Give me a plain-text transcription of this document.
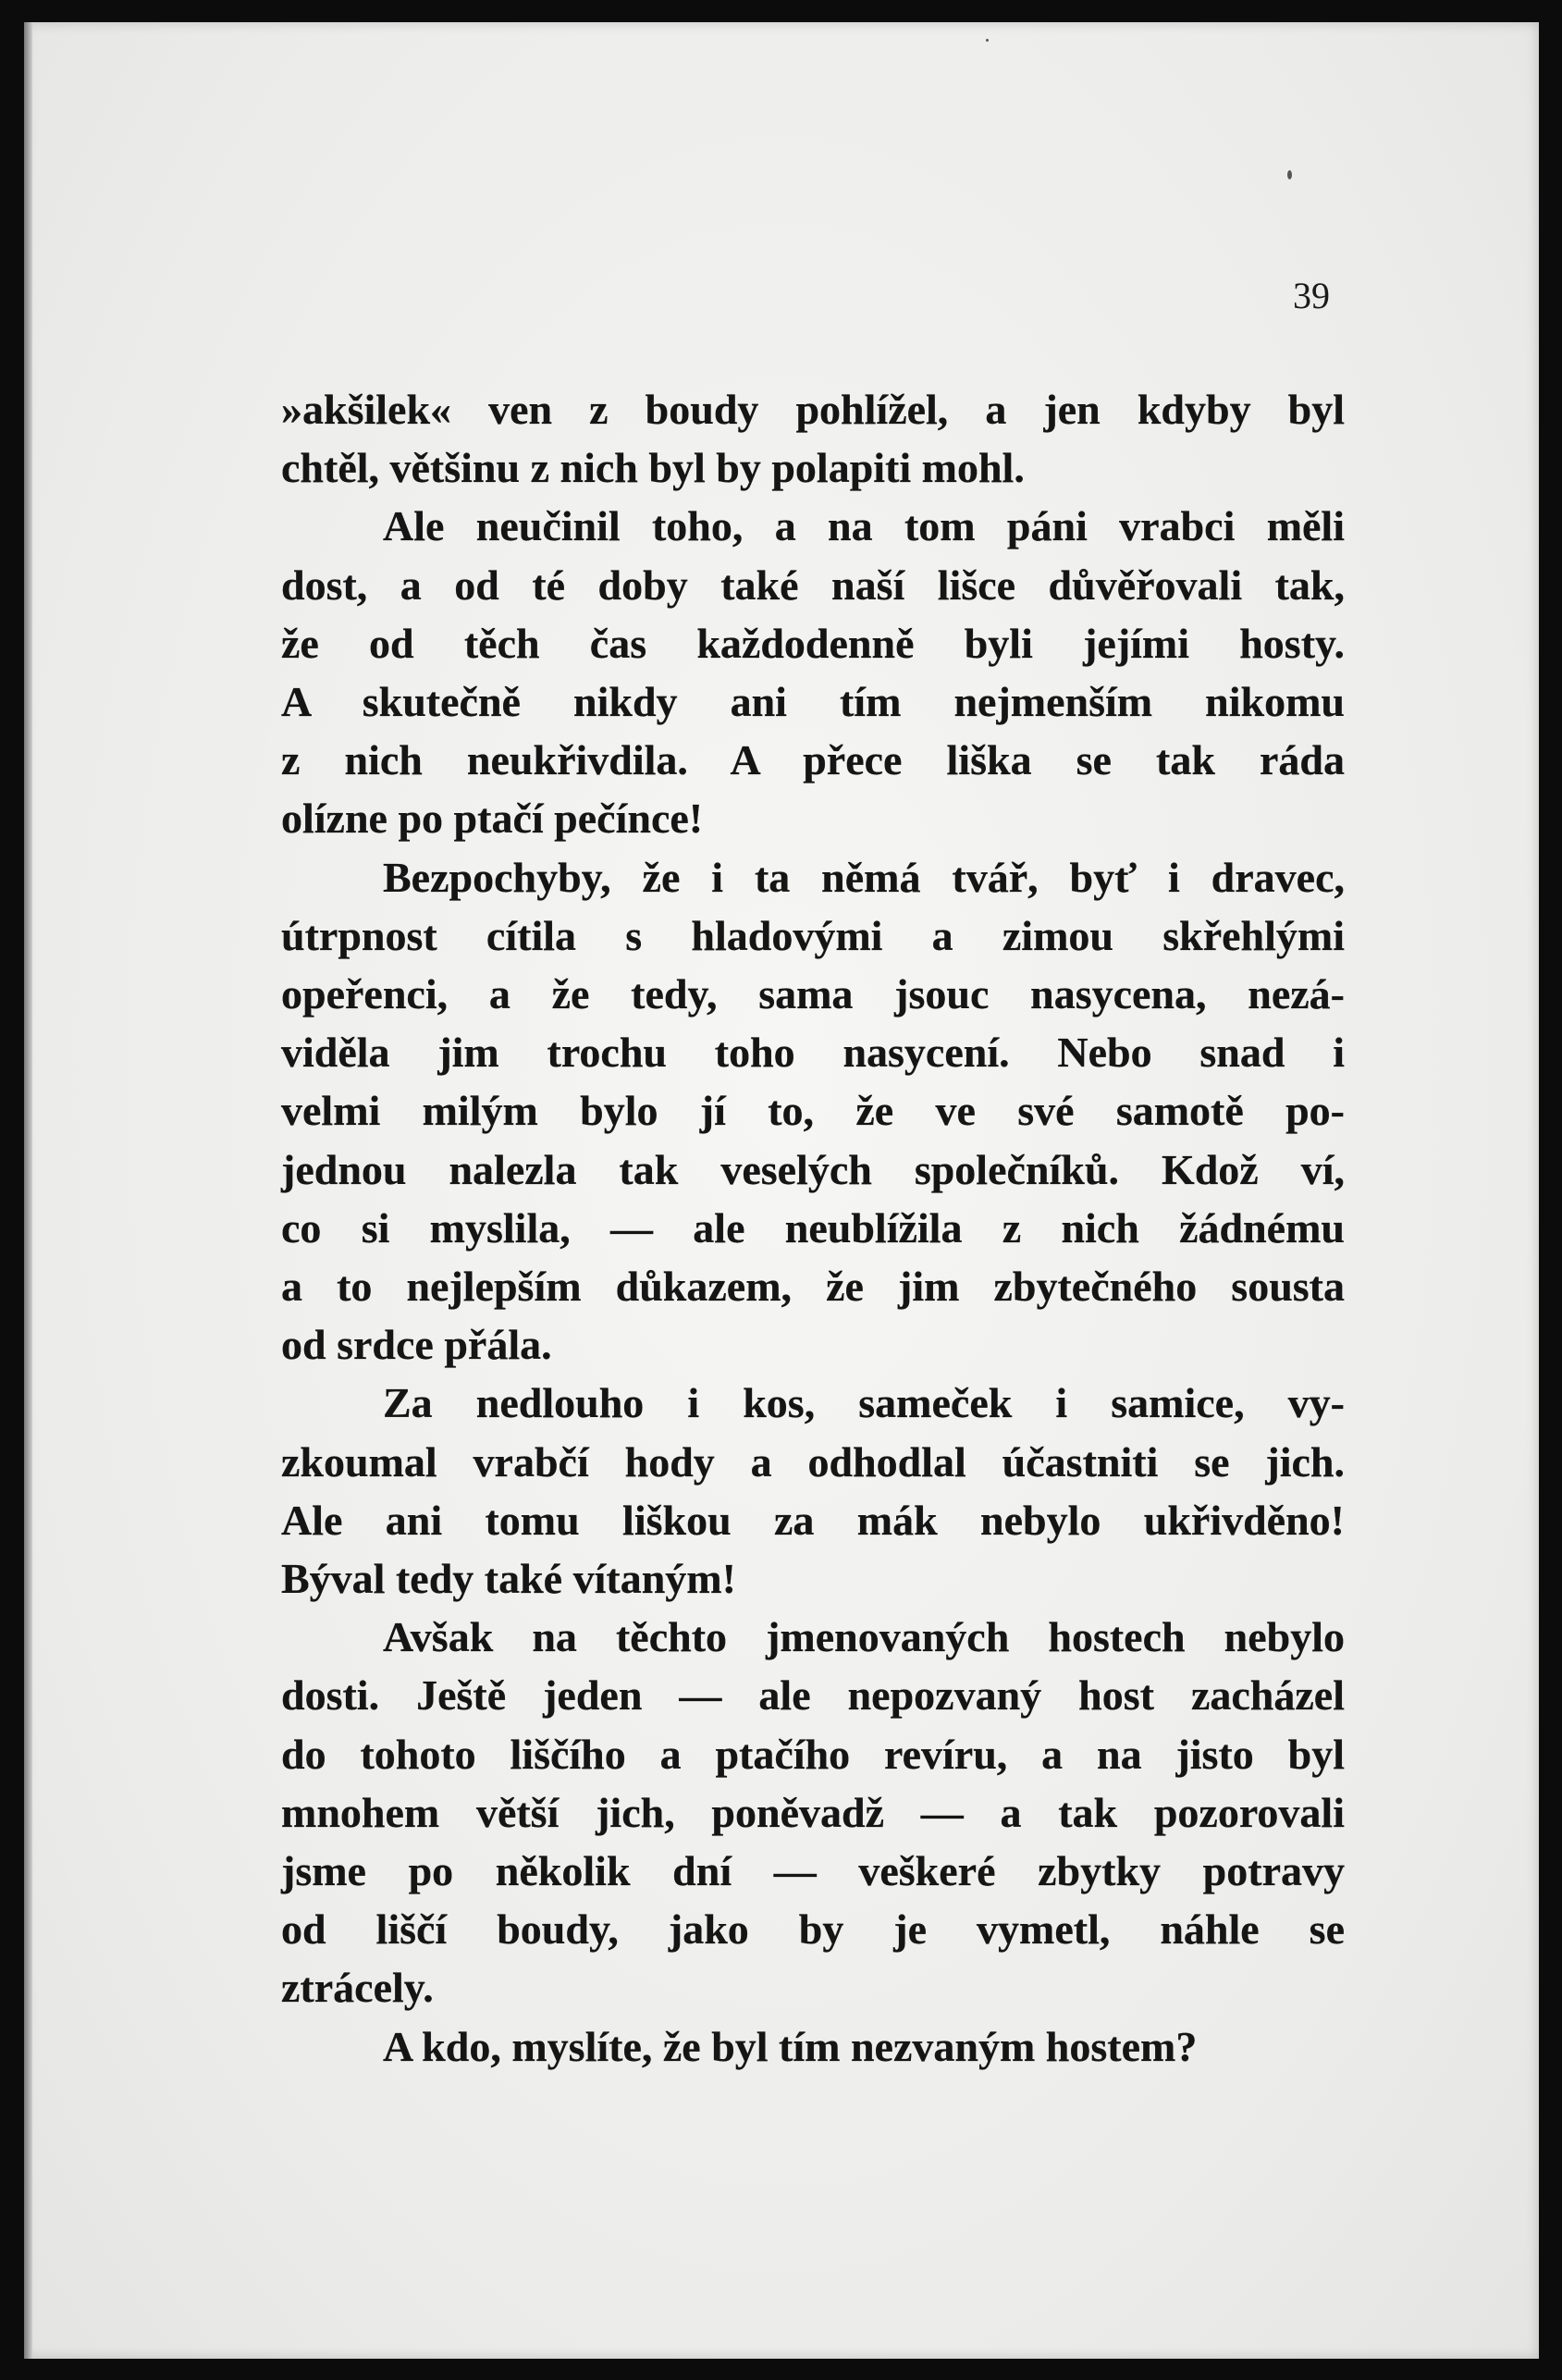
39
»akšilek« ven z boudy pohlížel, a jen kdyby byl
chtěl, většinu z nich byl by polapiti mohl.
Ale neučinil toho, a na tom páni vrabci měli
dost, a od té doby také naší lišce důvěřovali tak,
že od těch čas každodenně byli jejími hosty.
A skutečně nikdy ani tím nejmenším nikomu
z nich neukřivdila. A přece liška se tak ráda
olízne po ptačí pečínce!
Bezpochyby, že i ta němá tvář, byť i dravec,
útrpnost cítila s hladovými a zimou skřehlými
opeřenci, a že tedy, sama jsouc nasycena, nezá-
viděla jim trochu toho nasycení. Nebo snad i
velmi milým bylo jí to, že ve své samotě po-
jednou nalezla tak veselých společníků. Kdož ví,
co si myslila, — ale neublížila z nich žádnému
a to nejlepším důkazem, že jim zbytečného sousta
od srdce přála.
Za nedlouho i kos, sameček i samice, vy-
zkoumal vrabčí hody a odhodlal účastniti se jich.
Ale ani tomu liškou za mák nebylo ukřivděno!
Býval tedy také vítaným!
Avšak na těchto jmenovaných hostech nebylo
dosti. Ještě jeden — ale nepozvaný host zacházel
do tohoto liščího a ptačího revíru, a na jisto byl
mnohem větší jich, poněvadž — a tak pozorovali
jsme po několik dní — veškeré zbytky potravy
od liščí boudy, jako by je vymetl, náhle se
ztrácely.
A kdo, myslíte, že byl tím nezvaným hostem?
